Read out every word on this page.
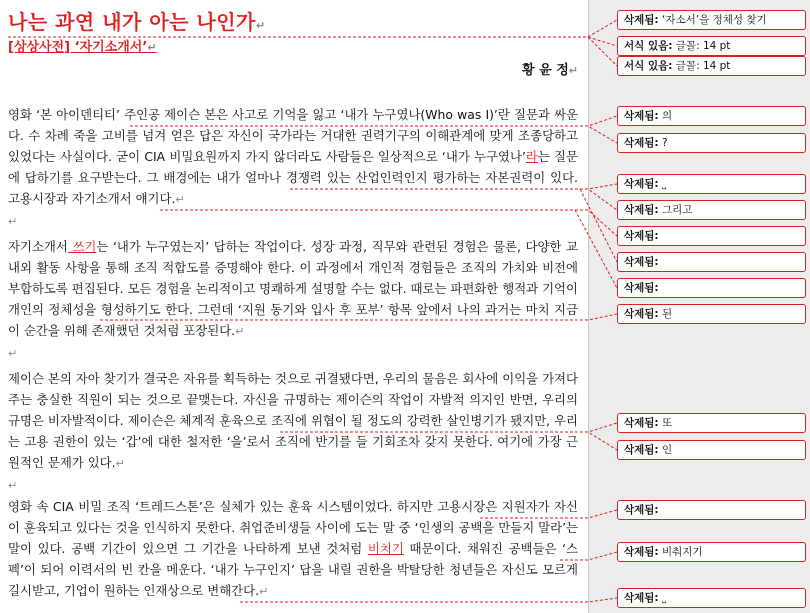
나는 과연 내가 아는 나인가↵

[상상사전] ‘자기소개서’↵

황 윤 정↵

영화 ‘본 아이덴티티’ 주인공 제이슨 본은 사고로 기억을 잃고 ‘내가 누구였나(Who was I)’란 질문과 싸운다. 수 차례 죽을 고비를 넘겨 얻은 답은 자신이 국가라는 거대한 권력기구의 이해관계에 맞게 조종당하고 있었다는 사실이다. 굳이 CIA 비밀요원까지 가지 않더라도 사람들은 일상적으로 ‘내가 누구였나’라는 질문에 답하기를 요구받는다. 그 배경에는 내가 얼마나 경쟁력 있는 산업인력인지 평가하는 자본권력이 있다. 고용시장과 자기소개서 얘기다.↵

↵

자기소개서 쓰기는 ‘내가 누구였는지’ 답하는 작업이다. 성장 과정, 직무와 관련된 경험은 물론, 다양한 교내외 활동 사항을 통해 조직 적합도를 증명해야 한다. 이 과정에서 개인적 경험들은 조직의 가치와 비전에 부합하도록 편집된다. 모든 경험을 논리적이고 명쾌하게 설명할 수는 없다. 때로는 파편화한 행적과 기억이 개인의 정체성을 형성하기도 한다. 그런데 ‘지원 동기와 입사 후 포부’ 항목 앞에서 나의 과거는 마치 지금 이 순간을 위해 존재했던 것처럼 포장된다.↵

↵

제이슨 본의 자아 찾기가 결국은 자유를 획득하는 것으로 귀결됐다면, 우리의 물음은 회사에 이익을 가져다 주는 충실한 직원이 되는 것으로 끝맺는다. 자신을 규명하는 제이슨의 작업이 자발적 의지인 반면, 우리의 규명은 비자발적이다. 제이슨은 체계적 훈육으로 조직에 위협이 될 정도의 강력한 살인병기가 됐지만, 우리는 고용 권한이 있는 ‘갑’에 대한 철저한 ‘을’로서 조직에 반기를 들 기회조차 갖지 못한다. 여기에 가장 근원적인 문제가 있다.↵

↵

영화 속 CIA 비밀 조직 ‘트레드스톤’은 실체가 있는 훈육 시스템이었다. 하지만 고용시장은 지원자가 자신이 훈육되고 있다는 것을 인식하지 못한다. 취업준비생들 사이에 도는 말 중 ‘인생의 공백을 만들지 말라’는 말이 있다. 공백 기간이 있으면 그 기간을 나타하게 보낸 것처럼 비치기 때문이다. 채워진 공백들은 ‘스펙’이 되어 이력서의 빈 칸을 메운다. ‘내가 누구인지’ 답을 내릴 권한을 박탈당한 청년들은 자신도 모르게 길시받고, 기업이 원하는 인재상으로 변해간다.↵

삭제됨: ‘자소서’을 정체성 찾기
서식 있음: 글꼴: 14 pt
서식 있음: 글꼴: 14 pt
삭제됨: 의
삭제됨: ?
삭제됨: ˽
삭제됨: 그리고
삭제됨:
삭제됨:
삭제됨:
삭제됨: 된
삭제됨: 또
삭제됨: 인
삭제됨:
삭제됨: 비춰지기
삭제됨: ˽
